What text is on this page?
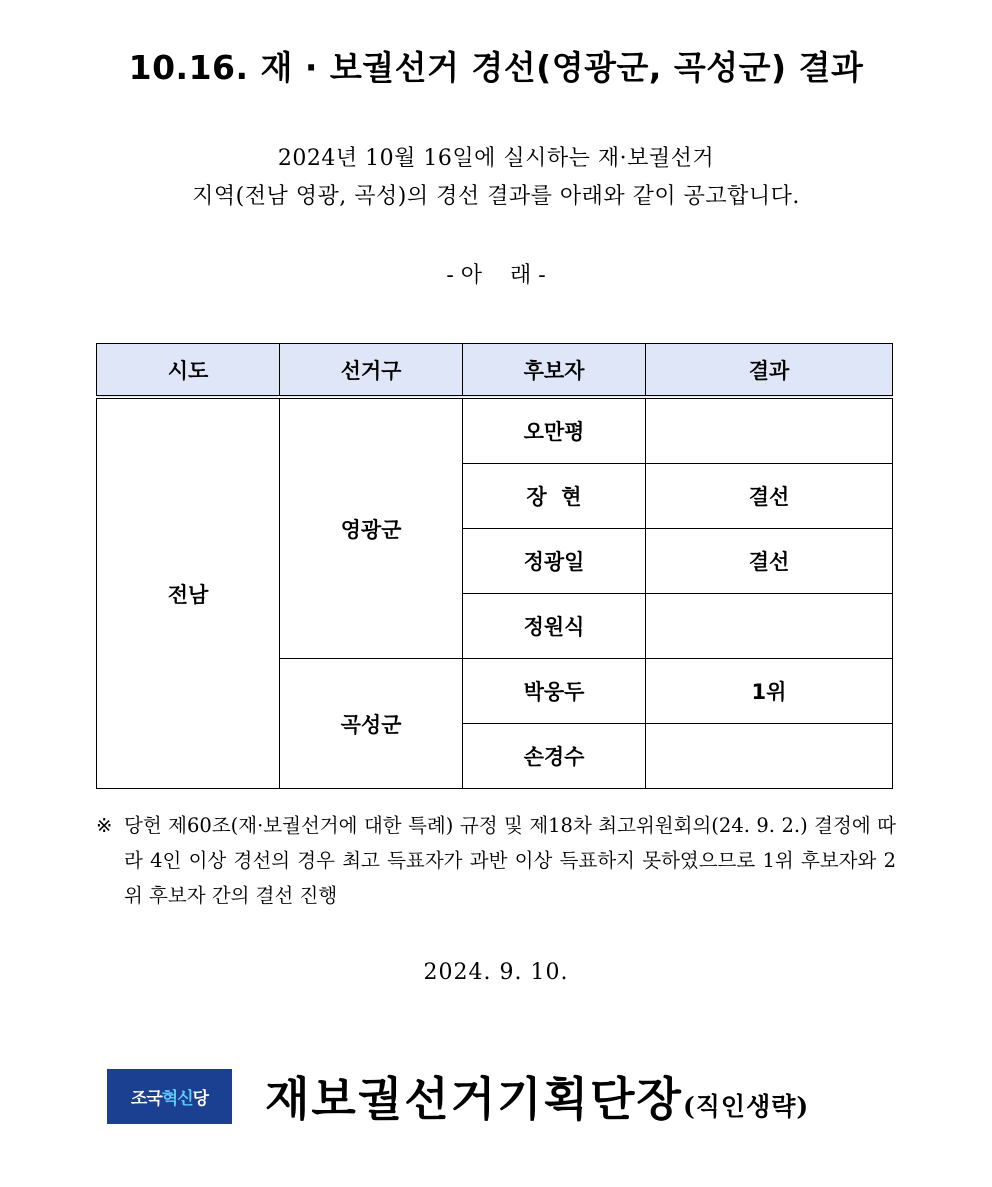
10.16. 재 · 보궐선거 경선(영광군, 곡성군) 결과

2024년 10월 16일에 실시하는 재·보궐선거

지역(전남 영광, 곡성)의 경선 결과를 아래와 같이 공고합니다.

- 아    래 -
시도	선거구	후보자	결과
전남	영광군	오만평	
		장  현	결선
		정광일	결선
		정원식	
	곡성군	박웅두	1위
		손경수	
※ 당헌 제60조(재·보궐선거에 대한 특례) 규정 및 제18차 최고위원회의(24. 9. 2.) 결정에 따라 4인 이상 경선의 경우 최고 득표자가 과반 이상 득표하지 못하였으므로 1위 후보자와 2위 후보자 간의 결선 진행
2024. 9. 10.
조국 혁신 당 재보궐선거기획단장(직인생략)
